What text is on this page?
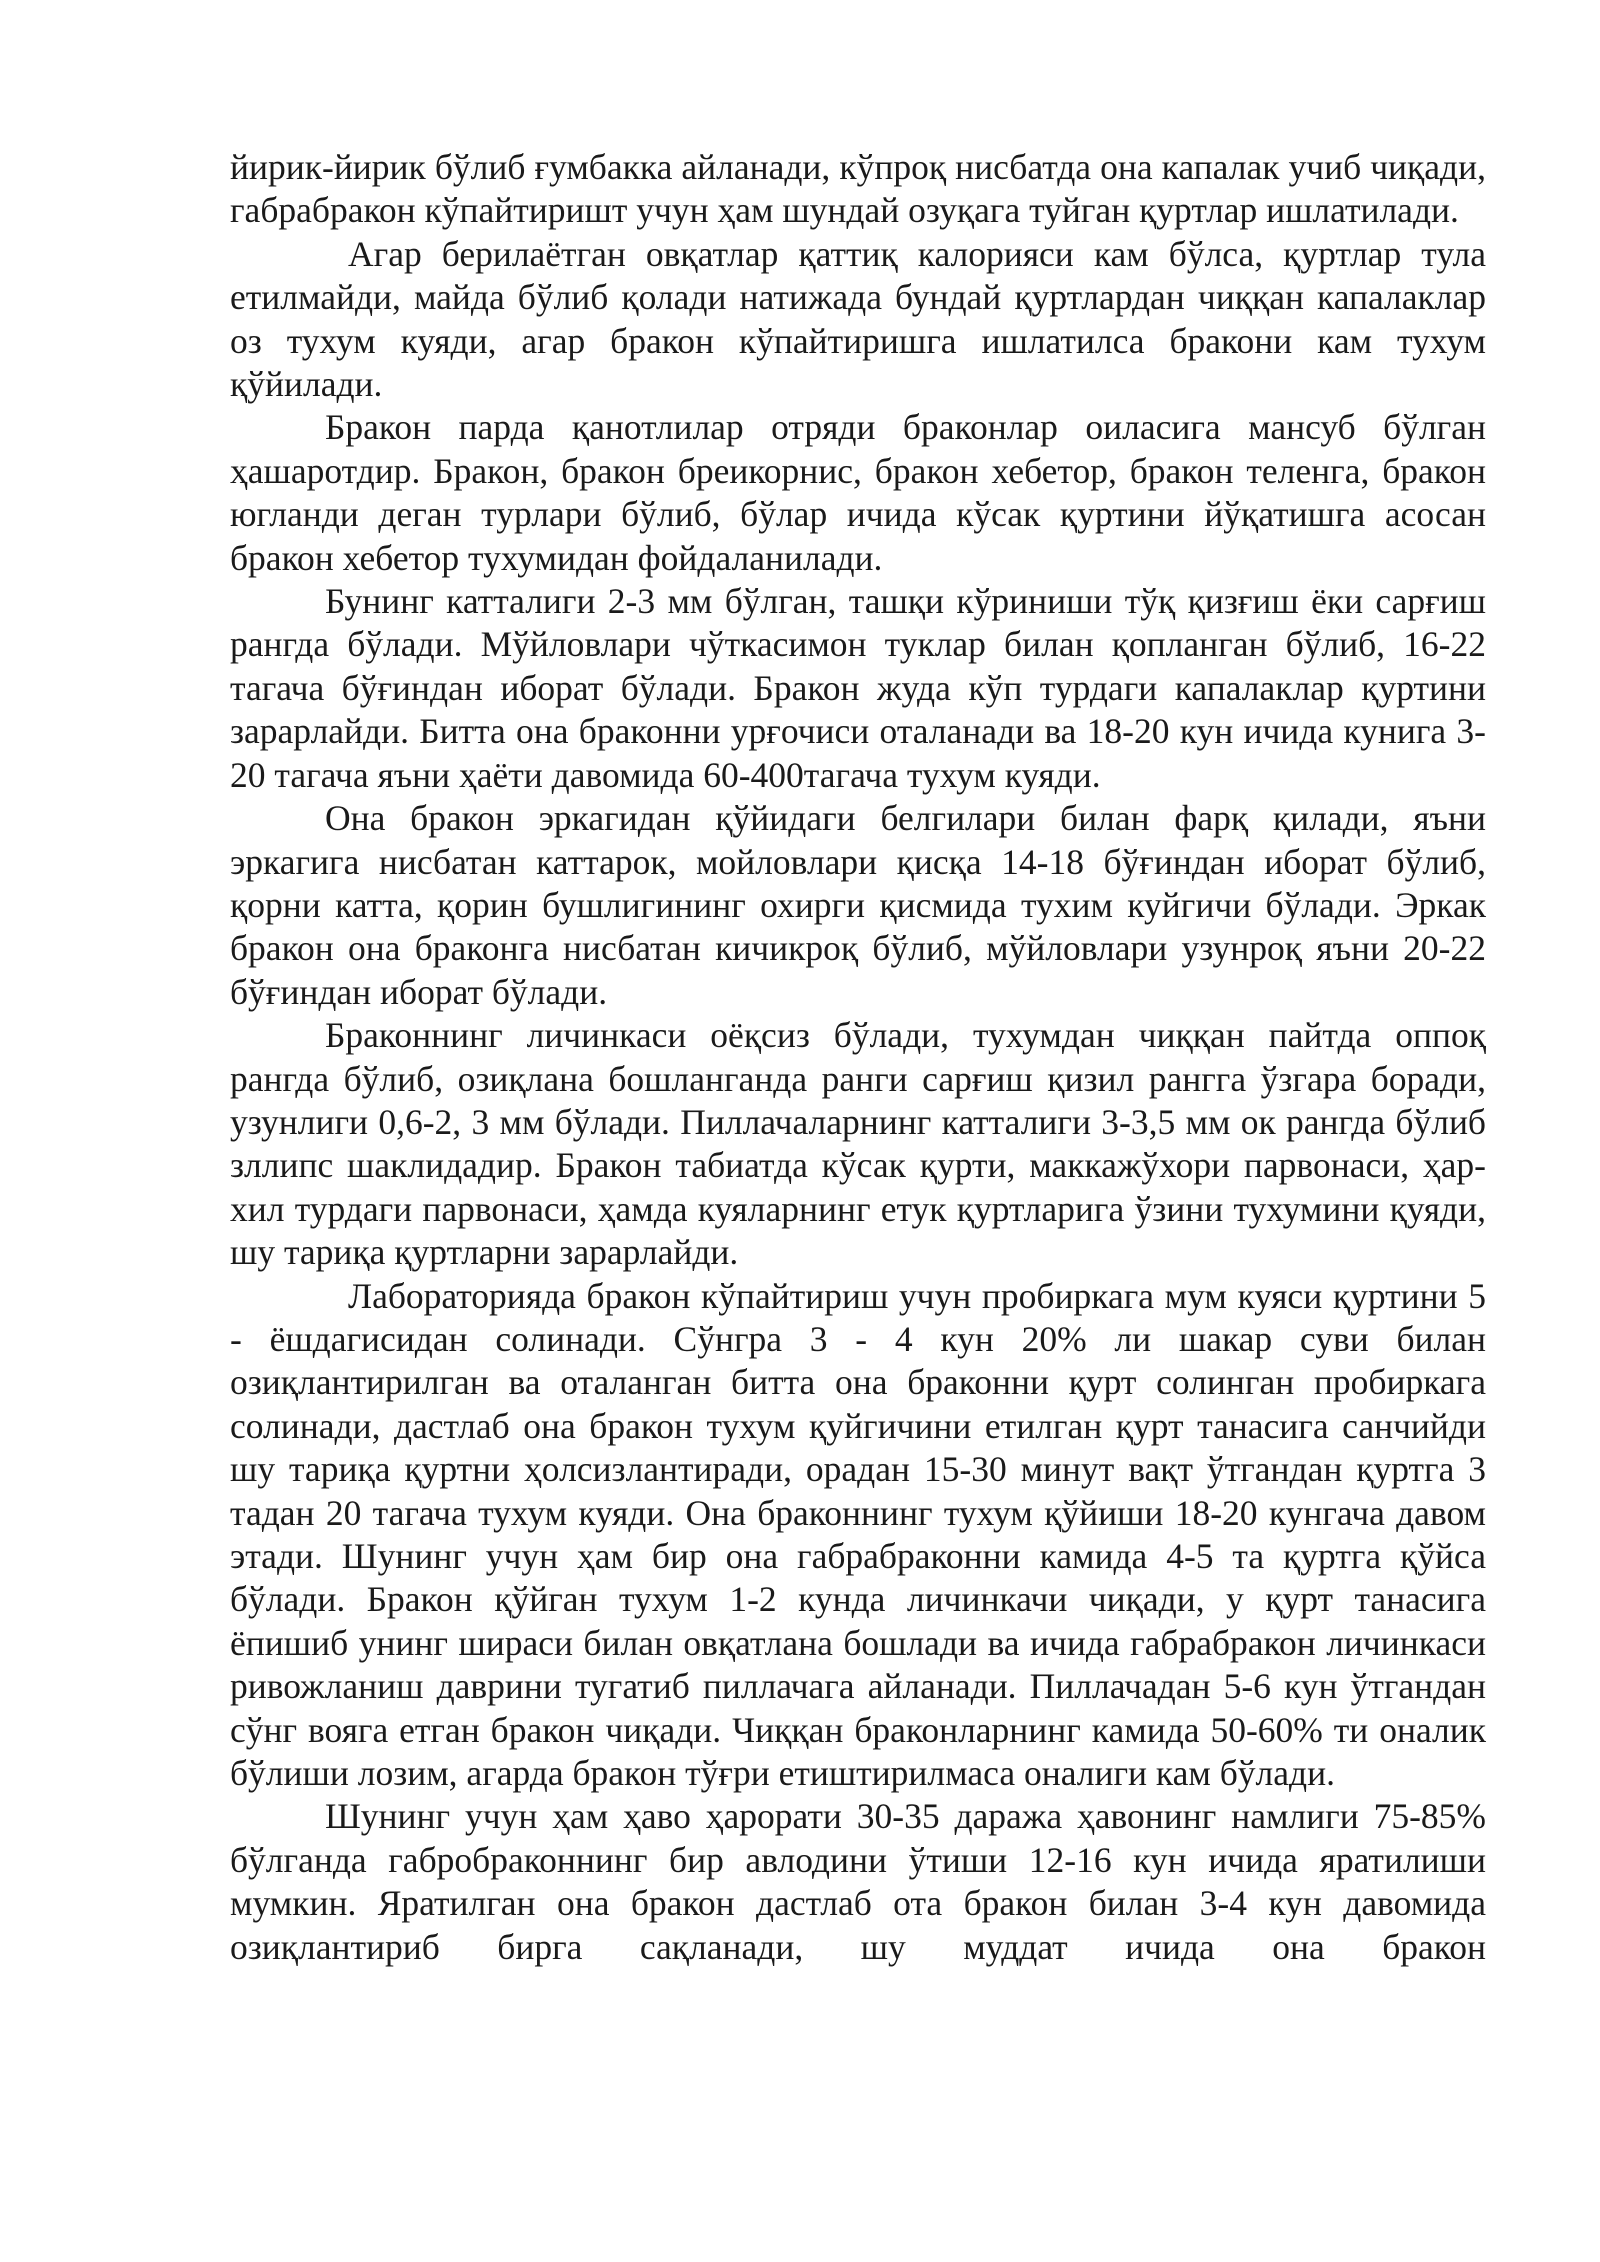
йирик-йирик бўлиб ғумбакка айланади, кўпроқ нисбатда она капалак учиб чиқади, габрабракон кўпайтиришт учун ҳам шундай озуқага туйган қуртлар ишлатилади.

Агар берилаётган овқатлар қаттиқ калорияси кам бўлса, қуртлар тула етилмайди, майда бўлиб қолади натижада бундай қуртлардан чиққан капалаклар оз тухум куяди, агар бракон кўпайтиришга ишлатилса бракони кам тухум қўйилади.

Бракон парда қанотлилар отряди браконлар оиласига мансуб бўлган ҳашаротдир. Бракон, бракон бреикорнис, бракон хебетор, бракон теленга, бракон югланди деган турлари бўлиб, бўлар ичида кўсак қуртини йўқатишга асосан бракон хебетор тухумидан фойдаланилади.

Бунинг катталиги 2-3 мм бўлган, ташқи кўриниши тўқ қизғиш ёки сарғиш рангда бўлади. Мўйловлари чўткасимон туклар билан қопланган бўлиб, 16-22 тагача бўғиндан иборат бўлади. Бракон жуда кўп турдаги капалаклар қуртини зарарлайди. Битта она браконни урғочиси оталанади ва 18-20 кун ичида кунига 3-20 тагача яъни ҳаёти давомида 60-400тагача тухум куяди.

Она бракон эркагидан қўйидаги белгилари билан фарқ қилади, яъни эркагига нисбатан каттарок, мойловлари қисқа 14-18 бўғиндан иборат бўлиб, қорни катта, қорин бушлигининг охирги қисмида тухим куйгичи бўлади. Эркак бракон она браконга нисбатан кичикроқ бўлиб, мўйловлари узунроқ яъни 20-22 бўғиндан иборат бўлади.

Браконнинг личинкаси оёқсиз бўлади, тухумдан чиққан пайтда оппоқ рангда бўлиб, озиқлана бошланганда ранги сарғиш қизил рангга ўзгара боради, узунлиги 0,6-2, 3 мм бўлади. Пиллачаларнинг катталиги 3-3,5 мм ок рангда бўлиб зллипс шаклидадир. Бракон табиатда кўсак қурти, маккажўхори парвонаси, ҳар-хил турдаги парвонаси, ҳамда куяларнинг етук қуртларига ўзини тухумини қуяди, шу тариқа қуртларни зарарлайди.

Лабораторияда бракон кўпайтириш учун пробиркага мум куяси қуртини 5 - ёшдагисидан солинади. Сўнгра 3 - 4 кун 20% ли шакар суви билан озиқлантирилган ва оталанган битта она браконни қурт солинган пробиркага солинади, дастлаб она бракон тухум қуйгичини етилган қурт танасига санчийди шу тариқа қуртни ҳолсизлантиради, орадан 15-30 минут вақт ўтгандан қуртга 3 тадан 20 тагача тухум куяди. Она браконнинг тухум қўйиши 18-20 кунгача давом этади. Шунинг учун ҳам бир она габрабраконни камида 4-5 та қуртга қўйса бўлади. Бракон қўйган тухум 1-2 кунда личинкачи чиқади, у қурт танасига ёпишиб унинг шираси билан овқатлана бошлади ва ичида габрабракон личинкаси ривожланиш даврини тугатиб пиллачага айланади. Пиллачадан 5-6 кун ўтгандан сўнг вояга етган бракон чиқади. Чиққан браконларнинг камида 50-60% ти оналик бўлиши лозим, агарда бракон тўғри етиштирилмаса оналиги кам бўлади.

Шунинг учун ҳам ҳаво ҳарорати 30-35 даражa ҳавонинг намлиги 75-85% бўлганда габробраконнинг бир авлодини ўтиши 12-16 кун ичида яратилиши мумкин. Яратилган она бракон дастлаб ота бракон билан 3-4 кун давомида озиқлантириб бирга сақланади, шу муддат ичида она бракон
